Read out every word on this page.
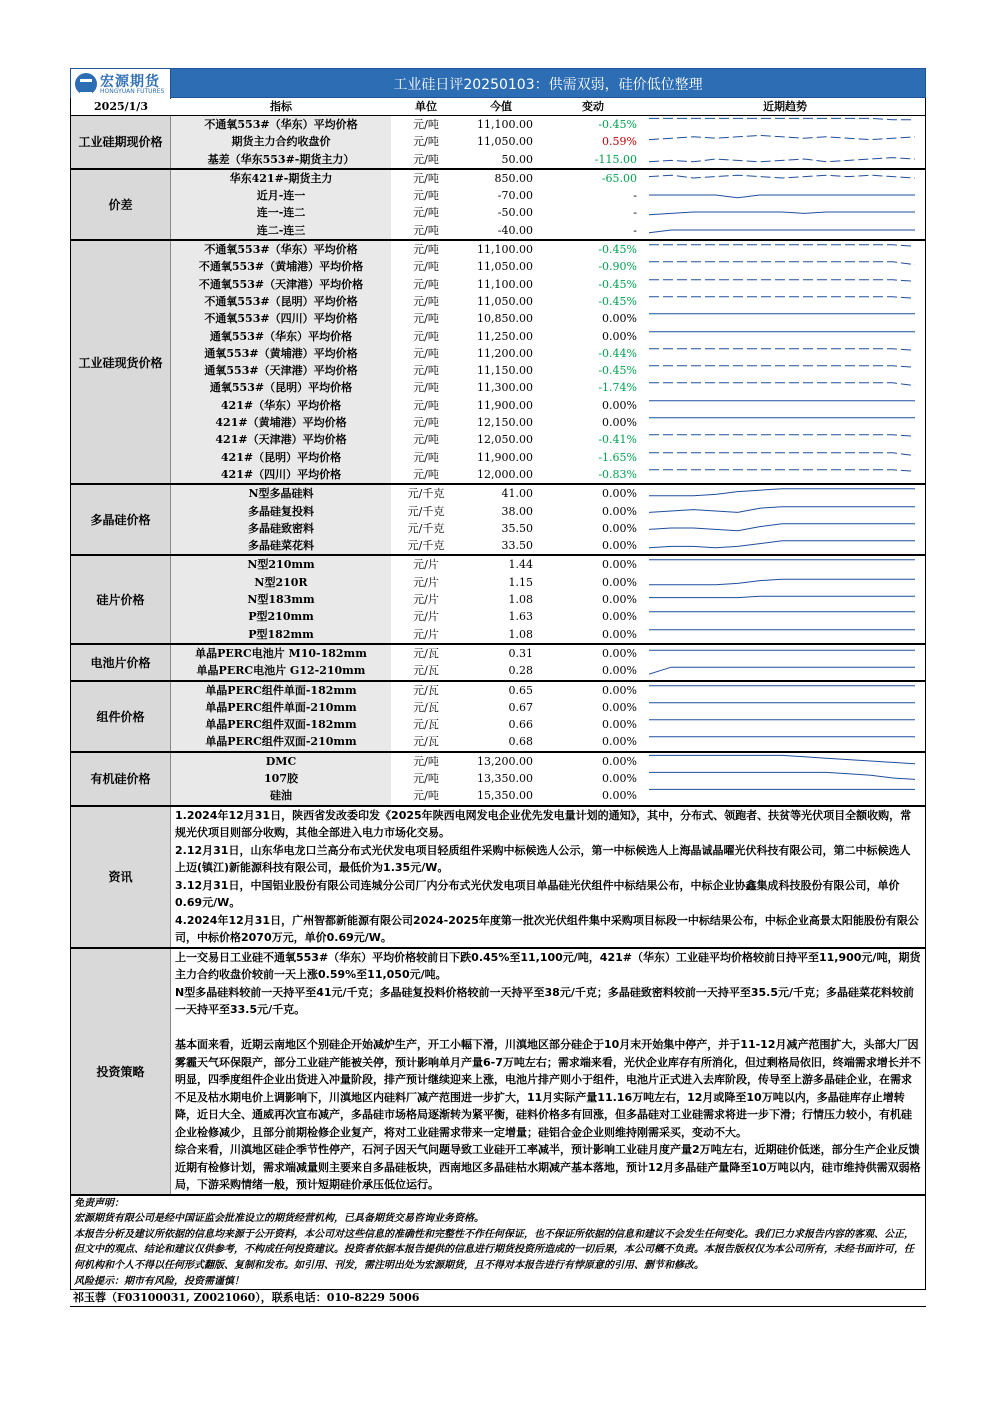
宏源期货
HONGYUAN FUTURES	工业硅日评20250103：供需双弱，硅价低位整理
2025/1/3	指标	单位	今值	变动	近期趋势
工业硅期现价格
不通氧553#（华东）平均价格	元/吨	11,100.00	-0.45%
期货主力合约收盘价	元/吨	11,050.00	0.59%
基差（华东553#-期货主力）	元/吨	50.00	-115.00
价差
华东421#-期货主力	元/吨	850.00	-65.00
近月-连一	元/吨	-70.00	-
连一-连二	元/吨	-50.00	-
连二-连三	元/吨	-40.00	-
工业硅现货价格
不通氧553#（华东）平均价格	元/吨	11,100.00	-0.45%
不通氧553#（黄埔港）平均价格	元/吨	11,050.00	-0.90%
不通氧553#（天津港）平均价格	元/吨	11,100.00	-0.45%
不通氧553#（昆明）平均价格	元/吨	11,050.00	-0.45%
不通氧553#（四川）平均价格	元/吨	10,850.00	0.00%
通氧553#（华东）平均价格	元/吨	11,250.00	0.00%
通氧553#（黄埔港）平均价格	元/吨	11,200.00	-0.44%
通氧553#（天津港）平均价格	元/吨	11,150.00	-0.45%
通氧553#（昆明）平均价格	元/吨	11,300.00	-1.74%
421#（华东）平均价格	元/吨	11,900.00	0.00%
421#（黄埔港）平均价格	元/吨	12,150.00	0.00%
421#（天津港）平均价格	元/吨	12,050.00	-0.41%
421#（昆明）平均价格	元/吨	11,900.00	-1.65%
421#（四川）平均价格	元/吨	12,000.00	-0.83%
多晶硅价格
N型多晶硅料	元/千克	41.00	0.00%
多晶硅复投料	元/千克	38.00	0.00%
多晶硅致密料	元/千克	35.50	0.00%
多晶硅菜花料	元/千克	33.50	0.00%
硅片价格
N型210mm	元/片	1.44	0.00%
N型210R	元/片	1.15	0.00%
N型183mm	元/片	1.08	0.00%
P型210mm	元/片	1.63	0.00%
P型182mm	元/片	1.08	0.00%
电池片价格
单晶PERC电池片 M10-182mm	元/瓦	0.31	0.00%
单晶PERC电池片 G12-210mm	元/瓦	0.28	0.00%
组件价格
单晶PERC组件单面-182mm	元/瓦	0.65	0.00%
单晶PERC组件单面-210mm	元/瓦	0.67	0.00%
单晶PERC组件双面-182mm	元/瓦	0.66	0.00%
单晶PERC组件双面-210mm	元/瓦	0.68	0.00%
有机硅价格
DMC	元/吨	13,200.00	0.00%
107胶	元/吨	13,350.00	0.00%
硅油	元/吨	15,350.00	0.00%
资讯
1.2024年12月31日，陕西省发改委印发《2025年陕西电网发电企业优先发电量计划的通知》，其中，分布式、领跑者、扶贫等光伏项目全额收购，常规光伏项目则部分收购，其他全部进入电力市场化交易。
2.12月31日，山东华电龙口兰高分布式光伏发电项目轻质组件采购中标候选人公示，第一中标候选人上海晶诚晶曜光伏科技有限公司，第二中标候选人上迈(镇江)新能源科技有限公司，最低价为1.35元/W。
3.12月31日，中国铝业股份有限公司连城分公司厂内分布式光伏发电项目单晶硅光伏组件中标结果公布，中标企业协鑫集成科技股份有限公司，单价0.69元/W。
4.2024年12月31日，广州智都新能源有限公司2024-2025年度第一批次光伏组件集中采购项目标段一中标结果公布，中标企业高景太阳能股份有限公司，中标价格2070万元，单价0.69元/W。
投资策略
上一交易日工业硅不通氧553#（华东）平均价格较前日下跌0.45%至11,100元/吨，421#（华东）工业硅平均价格较前日持平至11,900元/吨，期货主力合约收盘价较前一天上涨0.59%至11,050元/吨。
N型多晶硅料较前一天持平至41元/千克；多晶硅复投料价格较前一天持平至38元/千克；多晶硅致密料较前一天持平至35.5元/千克；多晶硅菜花料较前一天持平至33.5元/千克。
基本面来看，近期云南地区个别硅企开始减炉生产，开工小幅下滑，川滇地区部分硅企于10月末开始集中停产，并于11-12月减产范围扩大，头部大厂因雾霾天气环保限产，部分工业硅产能被关停，预计影响单月产量6-7万吨左右；需求端来看，光伏企业库存有所消化，但过剩格局依旧，终端需求增长并不明显，四季度组件企业出货进入冲量阶段，排产预计继续迎来上涨，电池片排产则小于组件，电池片正式进入去库阶段，传导至上游多晶硅企业，在需求不足及枯水期电价上调影响下，川滇地区内硅料厂减产范围进一步扩大，11月实际产量11.16万吨左右，12月或降至10万吨以内，多晶硅库存止增转降，近日大全、通威再次宣布减产，多晶硅市场格局逐渐转为紧平衡，硅料价格多有回涨，但多晶硅对工业硅需求将进一步下滑；行情压力较小，有机硅企业检修减少，且部分前期检修企业复产，将对工业硅需求带来一定增量；硅铝合金企业则维持刚需采买，变动不大。
综合来看，川滇地区硅企季节性停产，石河子因天气问题导致工业硅开工率减半，预计影响工业硅月度产量2万吨左右，近期硅价低迷，部分生产企业反馈近期有检修计划，需求端减量则主要来自多晶硅板块，西南地区多晶硅枯水期减产基本落地，预计12月多晶硅产量降至10万吨以内，硅市维持供需双弱格局，下游采购情绪一般，预计短期硅价承压低位运行。
免责声明：
宏源期货有限公司是经中国证监会批准设立的期货经营机构，已具备期货交易咨询业务资格。
本报告分析及建议所依据的信息均来源于公开资料，本公司对这些信息的准确性和完整性不作任何保证，也不保证所依据的信息和建议不会发生任何变化。我们已力求报告内容的客观、公正，但文中的观点、结论和建议仅供参考，不构成任何投资建议。投资者依据本报告提供的信息进行期货投资所造成的一切后果，本公司概不负责。本报告版权仅为本公司所有，未经书面许可，任何机构和个人不得以任何形式翻版、复制和发布。如引用、刊发，需注明出处为宏源期货，且不得对本报告进行有悖原意的引用、删节和修改。
风险提示：期市有风险，投资需谨慎！
祁玉蓉（F03100031, Z0021060），联系电话：010-8229 5006
